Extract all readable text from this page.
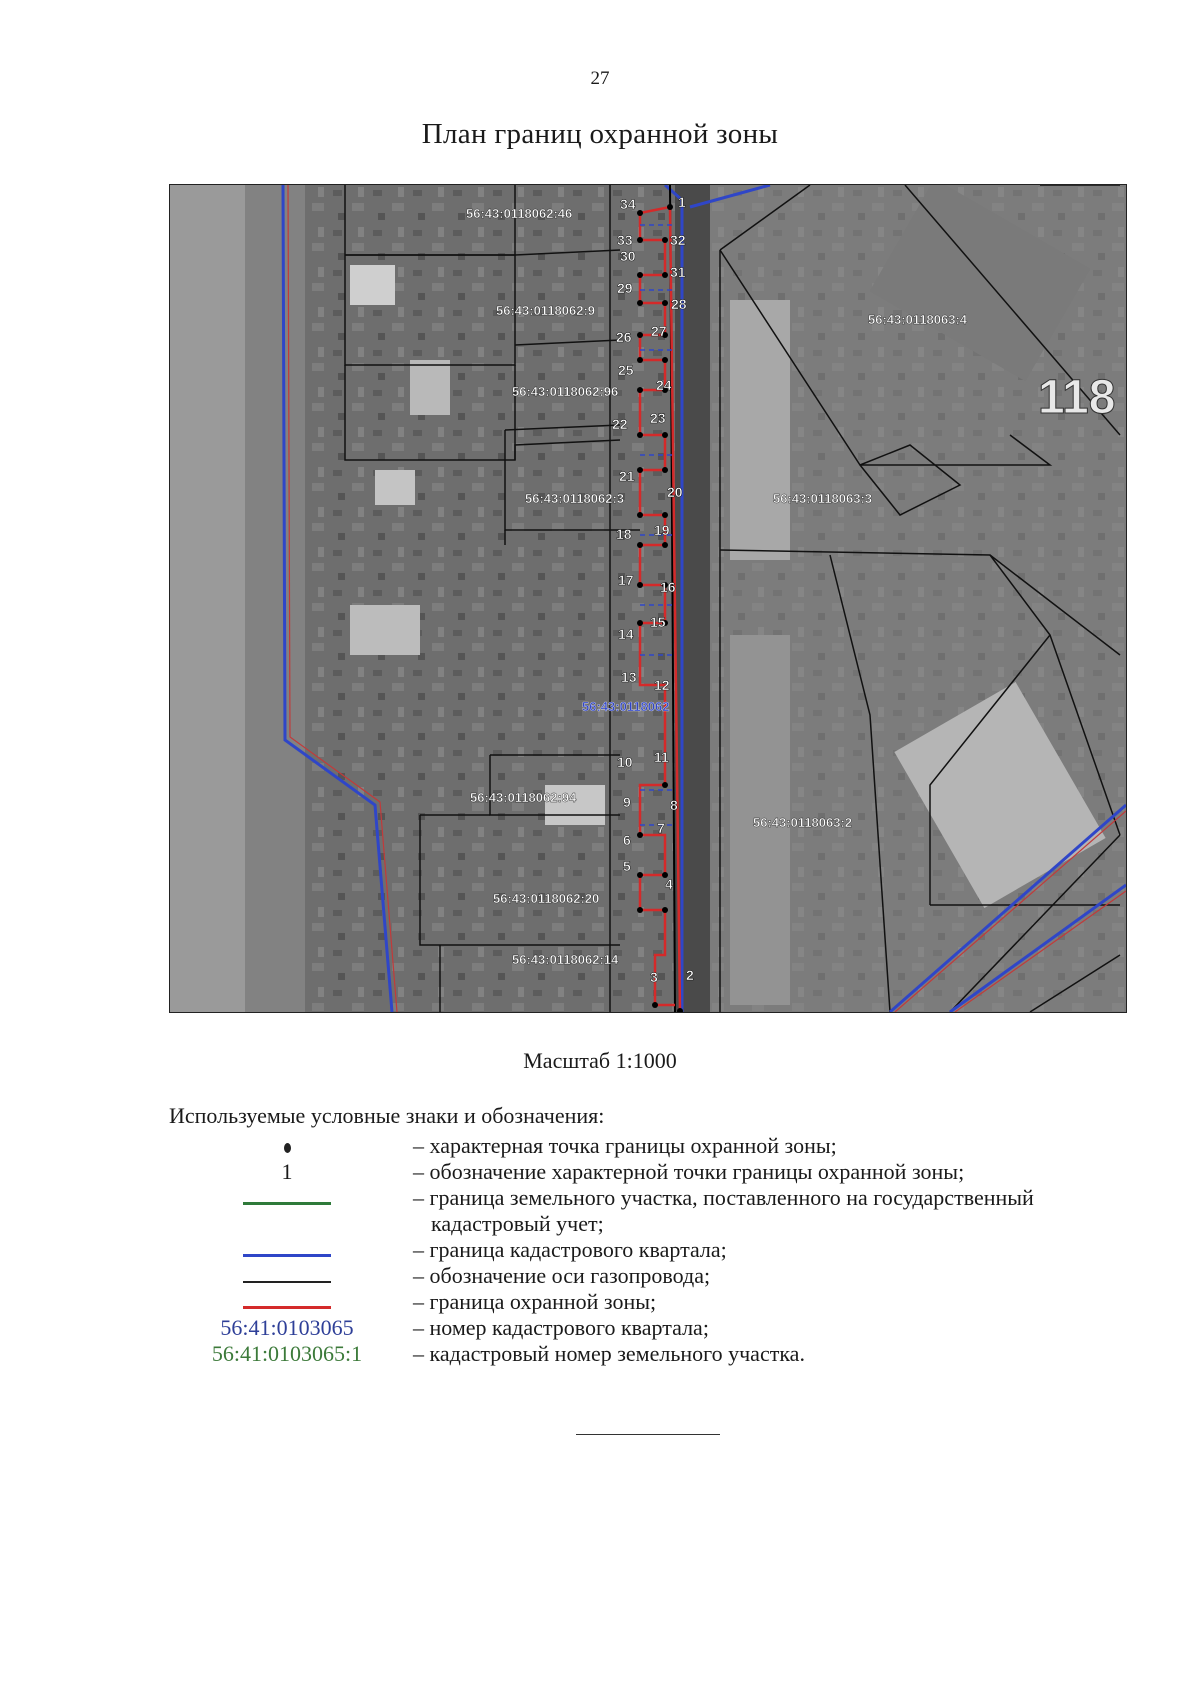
27
План границ охранной зоны
56:43:0118062:46
56:43:0118062:9
56:43:0118062:96
56:43:0118062:3
56:43:0118062:94
56:43:0118062:20
56:43:0118062:14
56:43:0118063:4
56:43:0118063:3
56:43:0118063:2
56:43:0118062
118
1
2
3
4
5
6
7
8
9
10 11
12
13
14
15
16
17
18 19
20
21
22 23
24
25
26 27
28
29
30
31
32
33
34
Масштаб 1:1000
Используемые условные знаки и обозначения:
– характерная точка границы охранной зоны;
1	– обозначение характерной точки границы охранной зоны;
– граница земельного участка, поставленного на государственный
кадастровый учет;
– граница кадастрового квартала;
– обозначение оси газопровода;
– граница охранной зоны;
56:41:0103065	– номер кадастрового квартала;
56:41:0103065:1	– кадастровый номер земельного участка.
